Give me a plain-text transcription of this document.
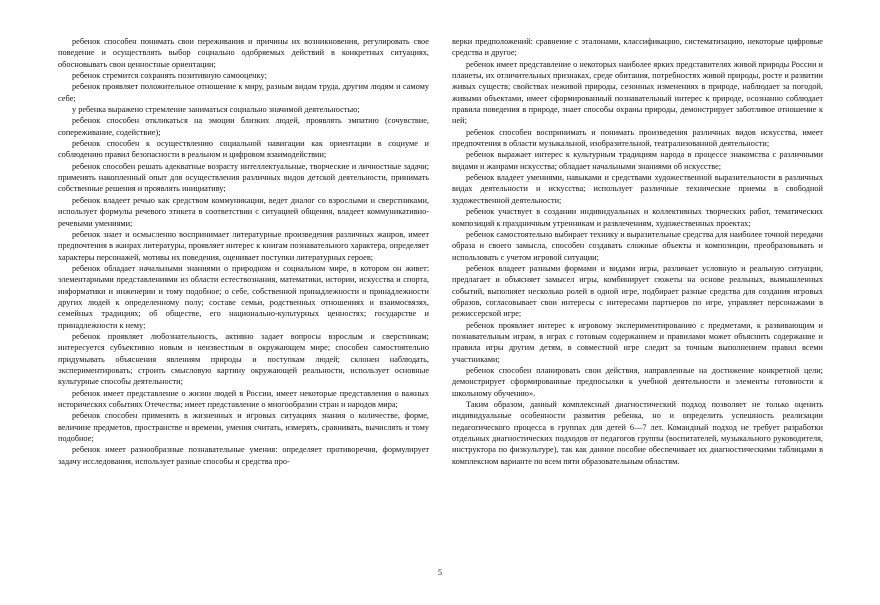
ребенок способен понимать свои переживания и причины их возникновения, регулировать свое поведение и осуществлять выбор социально одобряемых действий в конкретных ситуациях, обосновывать свои ценностные ориентации;

ребенок стремится сохранять позитивную самооценку;

ребенок проявляет положительное отношение к миру, разным видам труда, другим людям и самому себе;

у ребенка выражено стремление заниматься социально значимой деятельностью;

ребенок способен откликаться на эмоции близких людей, проявлять эмпатию (сочувствие, сопереживание, содействие);

ребенок способен к осуществлению социальной навигации как ориентации в социуме и соблюдению правил безопасности в реальном и цифровом взаимодействии;

ребенок способен решать адекватные возрасту интеллектуальные, творческие и личностные задачи; применять накопленный опыт для осуществления различных видов детской деятельности, принимать собственные решения и проявлять инициативу;

ребенок владеет речью как средством коммуникации, ведет диалог со взрослыми и сверстниками, использует формулы речевого этикета в соответствии с ситуацией общения, владеет коммуникативно-речевыми умениями;

ребенок знает и осмысленно воспринимает литературные произведения различных жанров, имеет предпочтения в жанрах литературы, проявляет интерес к книгам познавательного характера, определяет характеры персонажей, мотивы их поведения, оценивает поступки литературных героев;

ребенок обладает начальными знаниями о природном и социальном мире, в котором он живет: элементарными представлениями из области естествознания, математики, истории, искусства и спорта, информатики и инженерии и тому подобное; о себе, собственной принадлежности и принадлежности других людей к определенному полу; составе семьи, родственных отношениях и взаимосвязях, семейных традициях; об обществе, его национально-культурных ценностях; государстве и принадлежности к нему;

ребенок проявляет любознательность, активно задает вопросы взрослым и сверстникам; интересуется субъективно новым и неизвестным в окружающем мире; способен самостоятельно придумывать объяснения явлениям природы и поступкам людей; склонен наблюдать, экспериментировать; строить смысловую картину окружающей реальности, использует основные культурные способы деятельности;

ребенок имеет представление о жизни людей в России, имеет некоторые представления о важных исторических событиях Отечества; имеет представление о многообразии стран и народов мира;

ребенок способен применять в жизненных и игровых ситуациях знания о количестве, форме, величине предметов, пространстве и времени, умения считать, измерять, сравнивать, вычислять и тому подобное;

ребенок имеет разнообразные познавательные умения: определяет противоречия, формулирует задачу исследования, использует разные способы и средства про-

верки предположений: сравнение с эталонами, классификацию, систематизацию, некоторые цифровые средства и другое;

ребенок имеет представление о некоторых наиболее ярких представителях живой природы России и планеты, их отличительных признаках, среде обитания, потребностях живой природы, росте и развитии живых существ; свойствах неживой природы, сезонных изменениях в природе, наблюдает за погодой, живыми объектами, имеет сформированный познавательный интерес к природе, осознанно соблюдает правила поведения в природе, знает способы охраны природы, демонстрирует заботливое отношение к ней;

ребенок способен воспринимать и понимать произведения различных видов искусства, имеет предпочтения в области музыкальной, изобразительной, театрализованной деятельности;

ребенок выражает интерес к культурным традициям народа в процессе знакомства с различными видами и жанрами искусства; обладает начальными знаниями об искусстве;

ребенок владеет умениями, навыками и средствами художественной выразительности в различных видах деятельности и искусства; использует различные технические приемы в свободной художественной деятельности;

ребенок участвует в создании индивидуальных и коллективных творческих работ, тематических композиций к праздничным утренникам и развлечениям, художественных проектах;

ребенок самостоятельно выбирает технику и выразительные средства для наиболее точной передачи образа и своего замысла, способен создавать сложные объекты и композиции, преобразовывать и использовать с учетом игровой ситуации;

ребенок владеет разными формами и видами игры, различает условную и реальную ситуации, предлагает и объясняет замысел игры, комбинирует сюжеты на основе реальных, вымышленных событий, выполняет несколько ролей в одной игре, подбирает разные средства для создания игровых образов, согласовывает свои интересы с интересами партнеров по игре, управляет персонажами в режиссерской игре;

ребенок проявляет интерес к игровому экспериментированию с предметами, к развивающим и познавательным играм, в играх с готовым содержанием и правилами может объяснить содержание и правила игры другим детям, в совместной игре следит за точным выполнением правил всеми участниками;

ребенок способен планировать свои действия, направленные на достижение конкретной цели; демонстрирует сформированные предпосылки к учебной деятельности и элементы готовности к школьному обучению».

Таким образом, данный комплексный диагностический подход позволяет не только оценить индивидуальные особенности развития ребенка, но и определить успешность реализации педагогического процесса в группах для детей 6—7 лет. Командный подход не требует разработки отдельных диагностических подходов от педагогов группы (воспитателей, музыкального руководителя, инструктора по физкультуре), так как данное пособие обеспечивает их диагностическими таблицами в комплексном варианте по всем пяти образовательным областям.

5
